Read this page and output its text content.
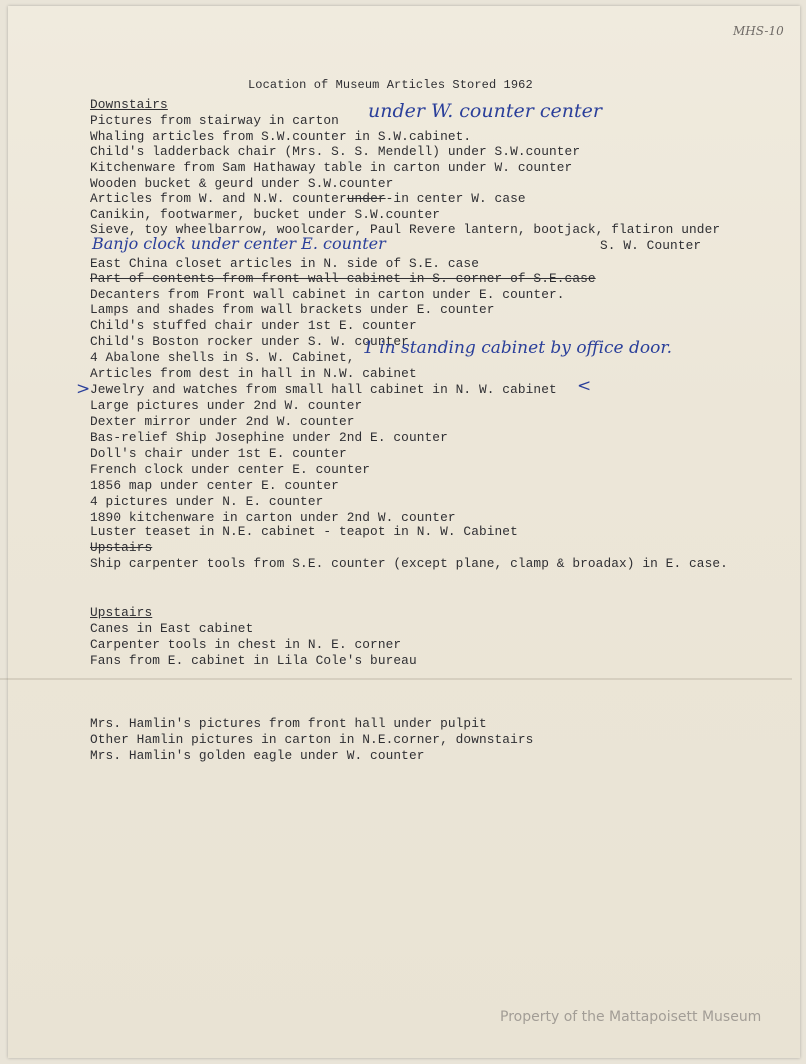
MHS-10
Location of Museum Articles Stored 1962
Downstairs
Pictures from stairway in carton under W. counter center
Whaling articles from S.W.counter in S.W.cabinet.
Child's ladderback chair (Mrs. S. S. Mendell) under S.W.counter
Kitchenware from Sam Hathaway table in carton under W. counter
Wooden bucket & geurd under S.W.counter
Articles from W. and N.W. counterunder-in center W. case
Canikin, footwarmer, bucket under S.W.counter
Sieve, toy wheelbarrow, woolcarder, Paul Revere lantern, bootjack, flatiron under
S. W. Counter
Banjo clock under center E. counter
East China closet articles in N. side of S.E. case
Part of contents from front wall cabinet in S. corner of S.E.case
Decanters from Front wall cabinet in carton under E. counter.
Lamps and shades from wall brackets under E. counter
Child's stuffed chair under 1st E. counter
Child's Boston rocker under S. W. counter
4 Abalone shells in S. W. Cabinet, 1 in standing cabinet by office door.
Articles from dest in hall in N.W. cabinet
> Jewelry and watches from small hall cabinet in N. W. cabinet <
Large pictures under 2nd W. counter
Dexter mirror under 2nd W. counter
Bas-relief Ship Josephine under 2nd E. counter
Doll's chair under 1st E. counter
French clock under center E. counter
1856 map under center E. counter
4 pictures under N. E. counter
1890 kitchenware in carton under 2nd W. counter
Luster teaset in N.E. cabinet - teapot in N. W. Cabinet
Upstairs
Ship carpenter tools from S.E. counter (except plane, clamp & broadax) in E. case.
Upstairs
Canes in East cabinet
Carpenter tools in chest in N. E. corner
Fans from E. cabinet in Lila Cole's bureau
Mrs. Hamlin's pictures from front hall under pulpit
Other Hamlin pictures in carton in N.E.corner, downstairs
Mrs. Hamlin's golden eagle under W. counter
Property of the Mattapoisett Museum
